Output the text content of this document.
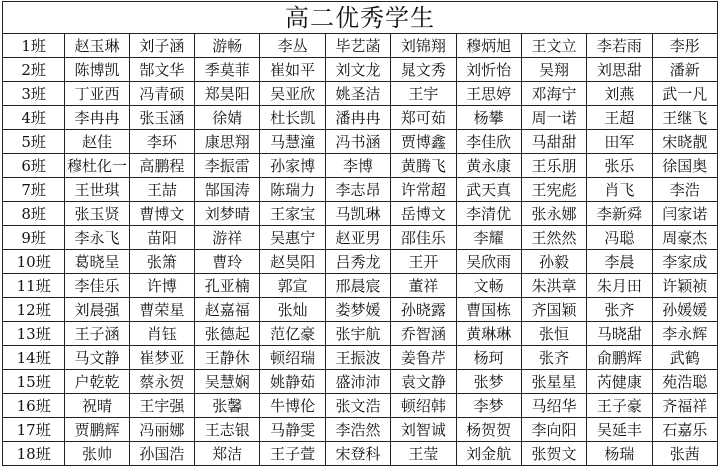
高二优秀学生
1班	赵玉琳	刘子涵	游畅	李丛	毕艺菡	刘锦翔	穆炳旭	王文立	李若雨	李彤
2班	陈博凯	郜文华	季莫菲	崔如平	刘文龙	晁文秀	刘忻怡	吴翔	刘思甜	潘新
3班	丁亚西	冯青硕	郑昊阳	吴亚欣	姚圣洁	王宇	王思婷	邓海宁	刘燕	武一凡
4班	李冉冉	张玉涵	徐婧	杜长凯	潘冉冉	郑可茹	杨攀	周一诺	王超	王继飞
5班	赵佳	李环	康思翔	马慧潼	冯书涵	贾博鑫	李佳欣	马甜甜	田军	宋晓靓
6班	穆杜化一	高鹏程	李振雷	孙家博	李博	黄腾飞	黄永康	王乐朋	张乐	徐国奥
7班	王世琪	王喆	郜国涛	陈瑞力	李志昂	许常超	武天真	王宪彪	肖飞	李浩
8班	张玉贤	曹博文	刘梦晴	王家宝	马凯琳	岳博文	李清优	张永娜	李新舜	闫家诺
9班	李永飞	苗阳	游祥	吴惠宁	赵亚男	邵佳乐	李耀	王然然	冯聪	周豪杰
10班	葛晓呈	张箫	曹玲	赵昊阳	吕秀龙	王开	吴欣雨	孙毅	李晨	李家成
11班	李佳乐	许博	孔亚楠	郭宣	邢晨宸	董祥	文畅	朱洪章	朱月田	许颖祯
12班	刘晨强	曹荣星	赵嘉福	张灿	娄梦媛	孙晓露	曹国栋	齐国颖	张齐	孙媛媛
13班	王子涵	肖钰	张德起	范亿豪	张宇航	乔智涵	黄琳琳	张恒	马晓甜	李永辉
14班	马文静	崔梦亚	王静休	顿绍瑞	王振波	姜鲁芹	杨珂	张齐	俞鹏辉	武鹤
15班	户乾乾	蔡永贺	吴慧娴	姚静茹	盛沛沛	袁文静	张梦	张星星	芮健康	苑浩聪
16班	祝晴	王宇强	张馨	牛博伦	张文浩	顿绍韩	李梦	马绍华	王子豪	齐福祥
17班	贾鹏辉	冯丽娜	王志银	马静雯	李浩然	刘智诚	杨贺贺	李向阳	吴延丰	石嘉乐
18班	张帅	孙国浩	郑洁	王子萱	宋登科	王莹	刘金航	张贺文	杨瑞	张茜
